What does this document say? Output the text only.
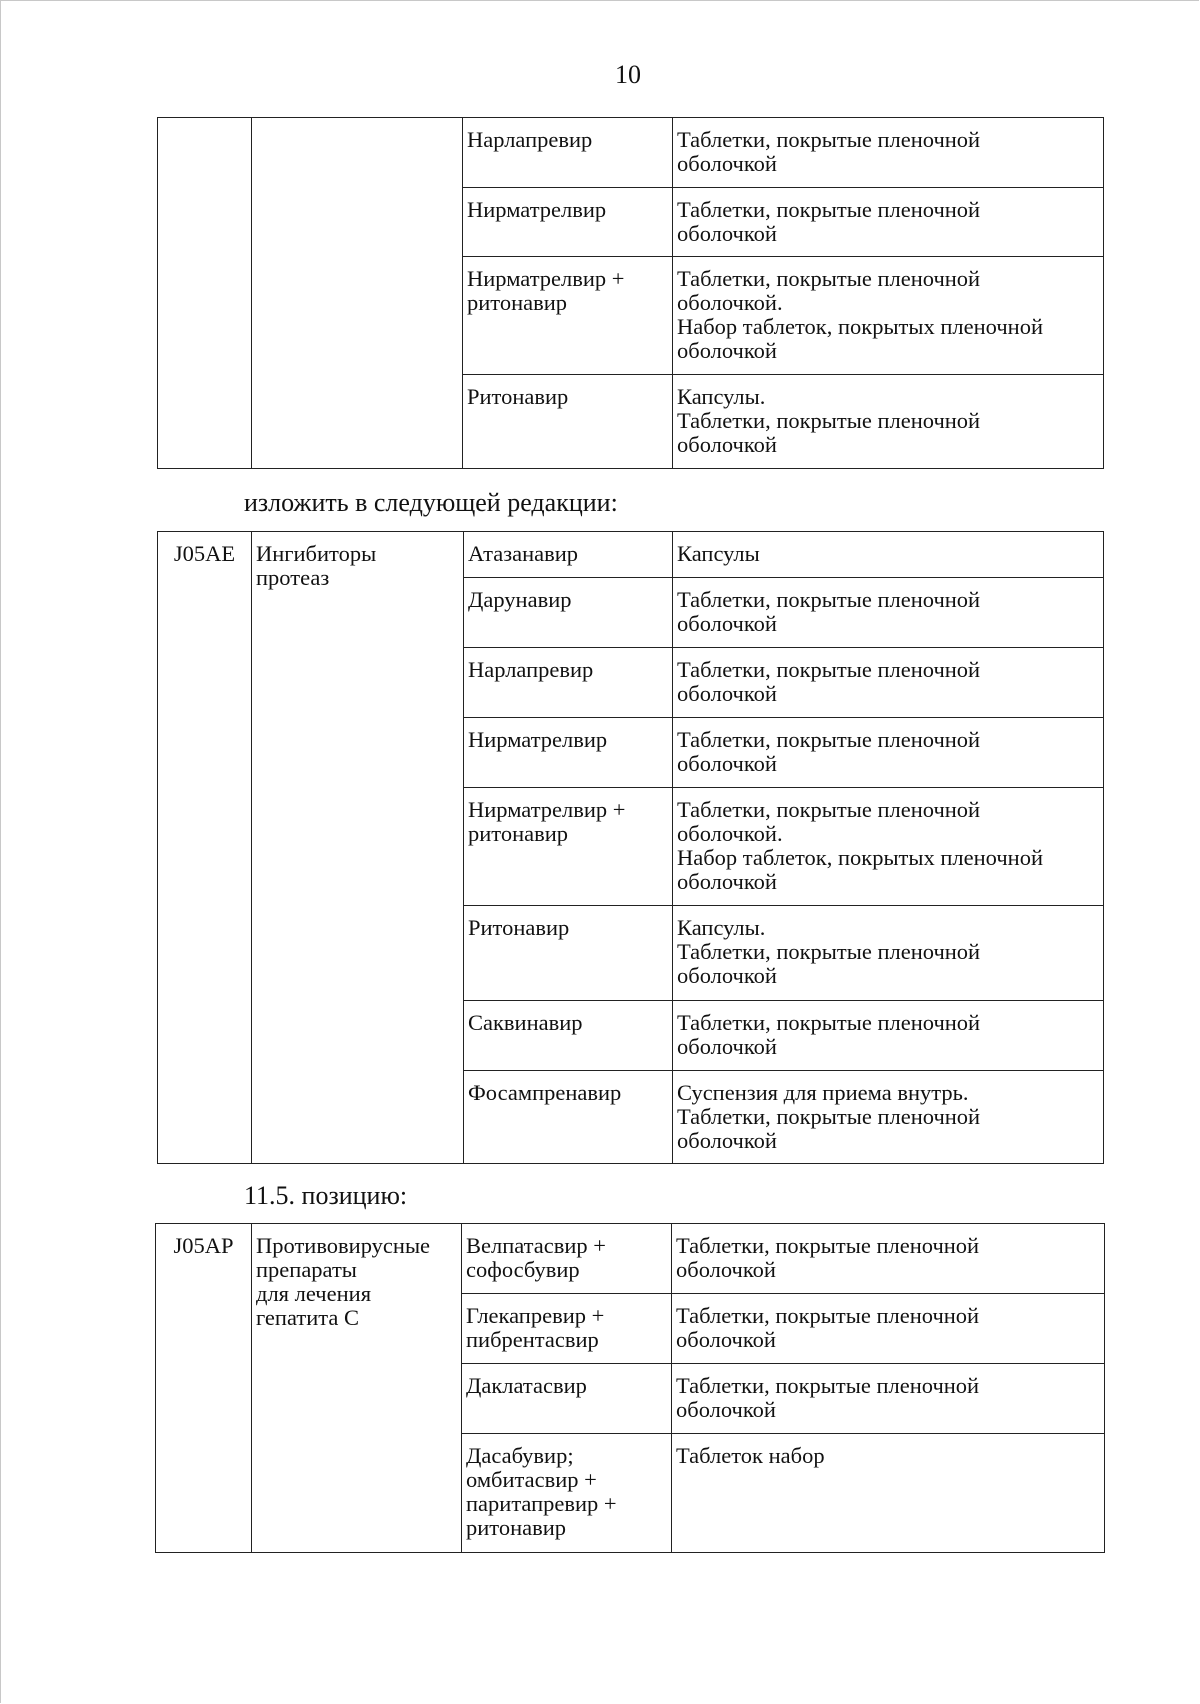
10
		Нарлапревир	Таблетки, покрытые пленочной
оболочкой
		Нирматрелвир	Таблетки, покрытые пленочной
оболочкой
		Нирматрелвир +
ритонавир	Таблетки, покрытые пленочной
оболочкой.
Набор таблеток, покрытых пленочной
оболочкой
		Ритонавир	Капсулы.
Таблетки, покрытые пленочной
оболочкой
изложить в следующей редакции:
J05AE	Ингибиторы
протеаз	Атазанавир	Капсулы
		Дарунавир	Таблетки, покрытые пленочной
оболочкой
		Нарлапревир	Таблетки, покрытые пленочной
оболочкой
		Нирматрелвир	Таблетки, покрытые пленочной
оболочкой
		Нирматрелвир +
ритонавир	Таблетки, покрытые пленочной
оболочкой.
Набор таблеток, покрытых пленочной
оболочкой
		Ритонавир	Капсулы.
Таблетки, покрытые пленочной
оболочкой
		Саквинавир	Таблетки, покрытые пленочной
оболочкой
		Фосампренавир	Суспензия для приема внутрь.
Таблетки, покрытые пленочной
оболочкой
11.5. позицию:
J05AP	Противовирусные
препараты
для лечения
гепатита С	Велпатасвир +
софосбувир	Таблетки, покрытые пленочной
оболочкой
		Глекапревир +
пибрентасвир	Таблетки, покрытые пленочной
оболочкой
		Даклатасвир	Таблетки, покрытые пленочной
оболочкой
		Дасабувир;
омбитасвир +
паритапревир +
ритонавир	Таблеток набор
